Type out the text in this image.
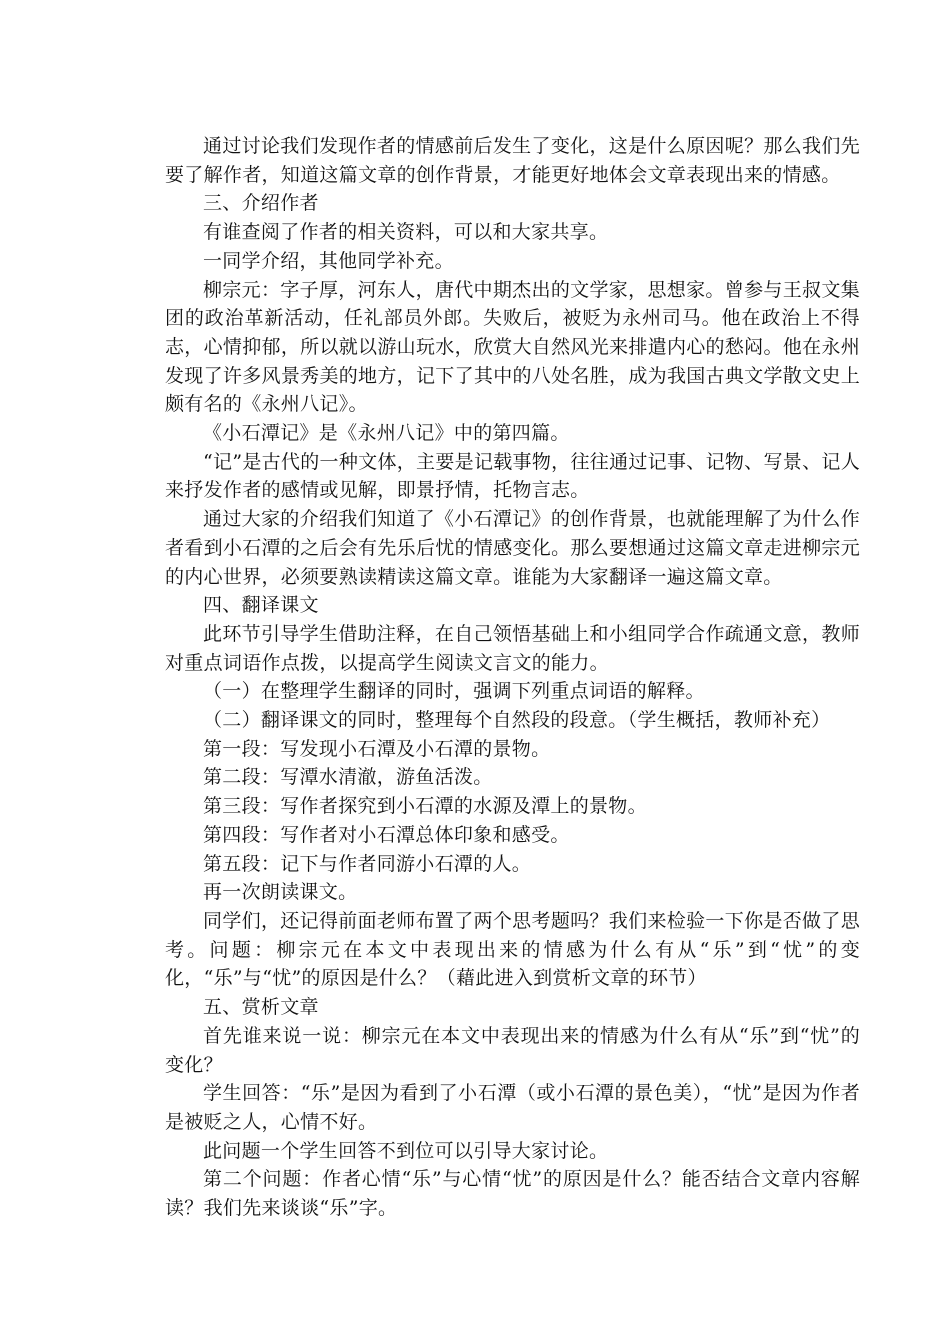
通过讨论我们发现作者的情感前后发生了变化，这是什么原因呢？那么我们先要了解作者，知道这篇文章的创作背景，才能更好地体会文章表现出来的情感。

三、介绍作者

有谁查阅了作者的相关资料，可以和大家共享。

一同学介绍，其他同学补充。

柳宗元：字子厚，河东人，唐代中期杰出的文学家，思想家。曾参与王叔文集团的政治革新活动，任礼部员外郎。失败后，被贬为永州司马。他在政治上不得志，心情抑郁，所以就以游山玩水，欣赏大自然风光来排遣内心的愁闷。他在永州发现了许多风景秀美的地方，记下了其中的八处名胜，成为我国古典文学散文史上颇有名的《永州八记》。

《小石潭记》是《永州八记》中的第四篇。

“记”是古代的一种文体，主要是记载事物，往往通过记事、记物、写景、记人来抒发作者的感情或见解，即景抒情，托物言志。

通过大家的介绍我们知道了《小石潭记》的创作背景，也就能理解了为什么作者看到小石潭的之后会有先乐后忧的情感变化。那么要想通过这篇文章走进柳宗元的内心世界，必须要熟读精读这篇文章。谁能为大家翻译一遍这篇文章。

四、翻译课文

此环节引导学生借助注释，在自己领悟基础上和小组同学合作疏通文意，教师对重点词语作点拨，以提高学生阅读文言文的能力。

（一）在整理学生翻译的同时，强调下列重点词语的解释。

（二）翻译课文的同时，整理每个自然段的段意。（学生概括，教师补充）

第一段：写发现小石潭及小石潭的景物。

第二段：写潭水清澈，游鱼活泼。

第三段：写作者探究到小石潭的水源及潭上的景物。

第四段：写作者对小石潭总体印象和感受。

第五段：记下与作者同游小石潭的人。

再一次朗读课文。

同学们，还记得前面老师布置了两个思考题吗？我们来检验一下你是否做了思考。问题：柳宗元在本文中表现出来的情感为什么有从“乐”到“忧”的变化，“乐”与“忧”的原因是什么？（藉此进入到赏析文章的环节）

五、赏析文章

首先谁来说一说：柳宗元在本文中表现出来的情感为什么有从“乐”到“忧”的变化？

学生回答：“乐”是因为看到了小石潭（或小石潭的景色美），“忧”是因为作者是被贬之人，心情不好。

此问题一个学生回答不到位可以引导大家讨论。

第二个问题：作者心情“乐”与心情“忧”的原因是什么？能否结合文章内容解读？我们先来谈谈“乐”字。
